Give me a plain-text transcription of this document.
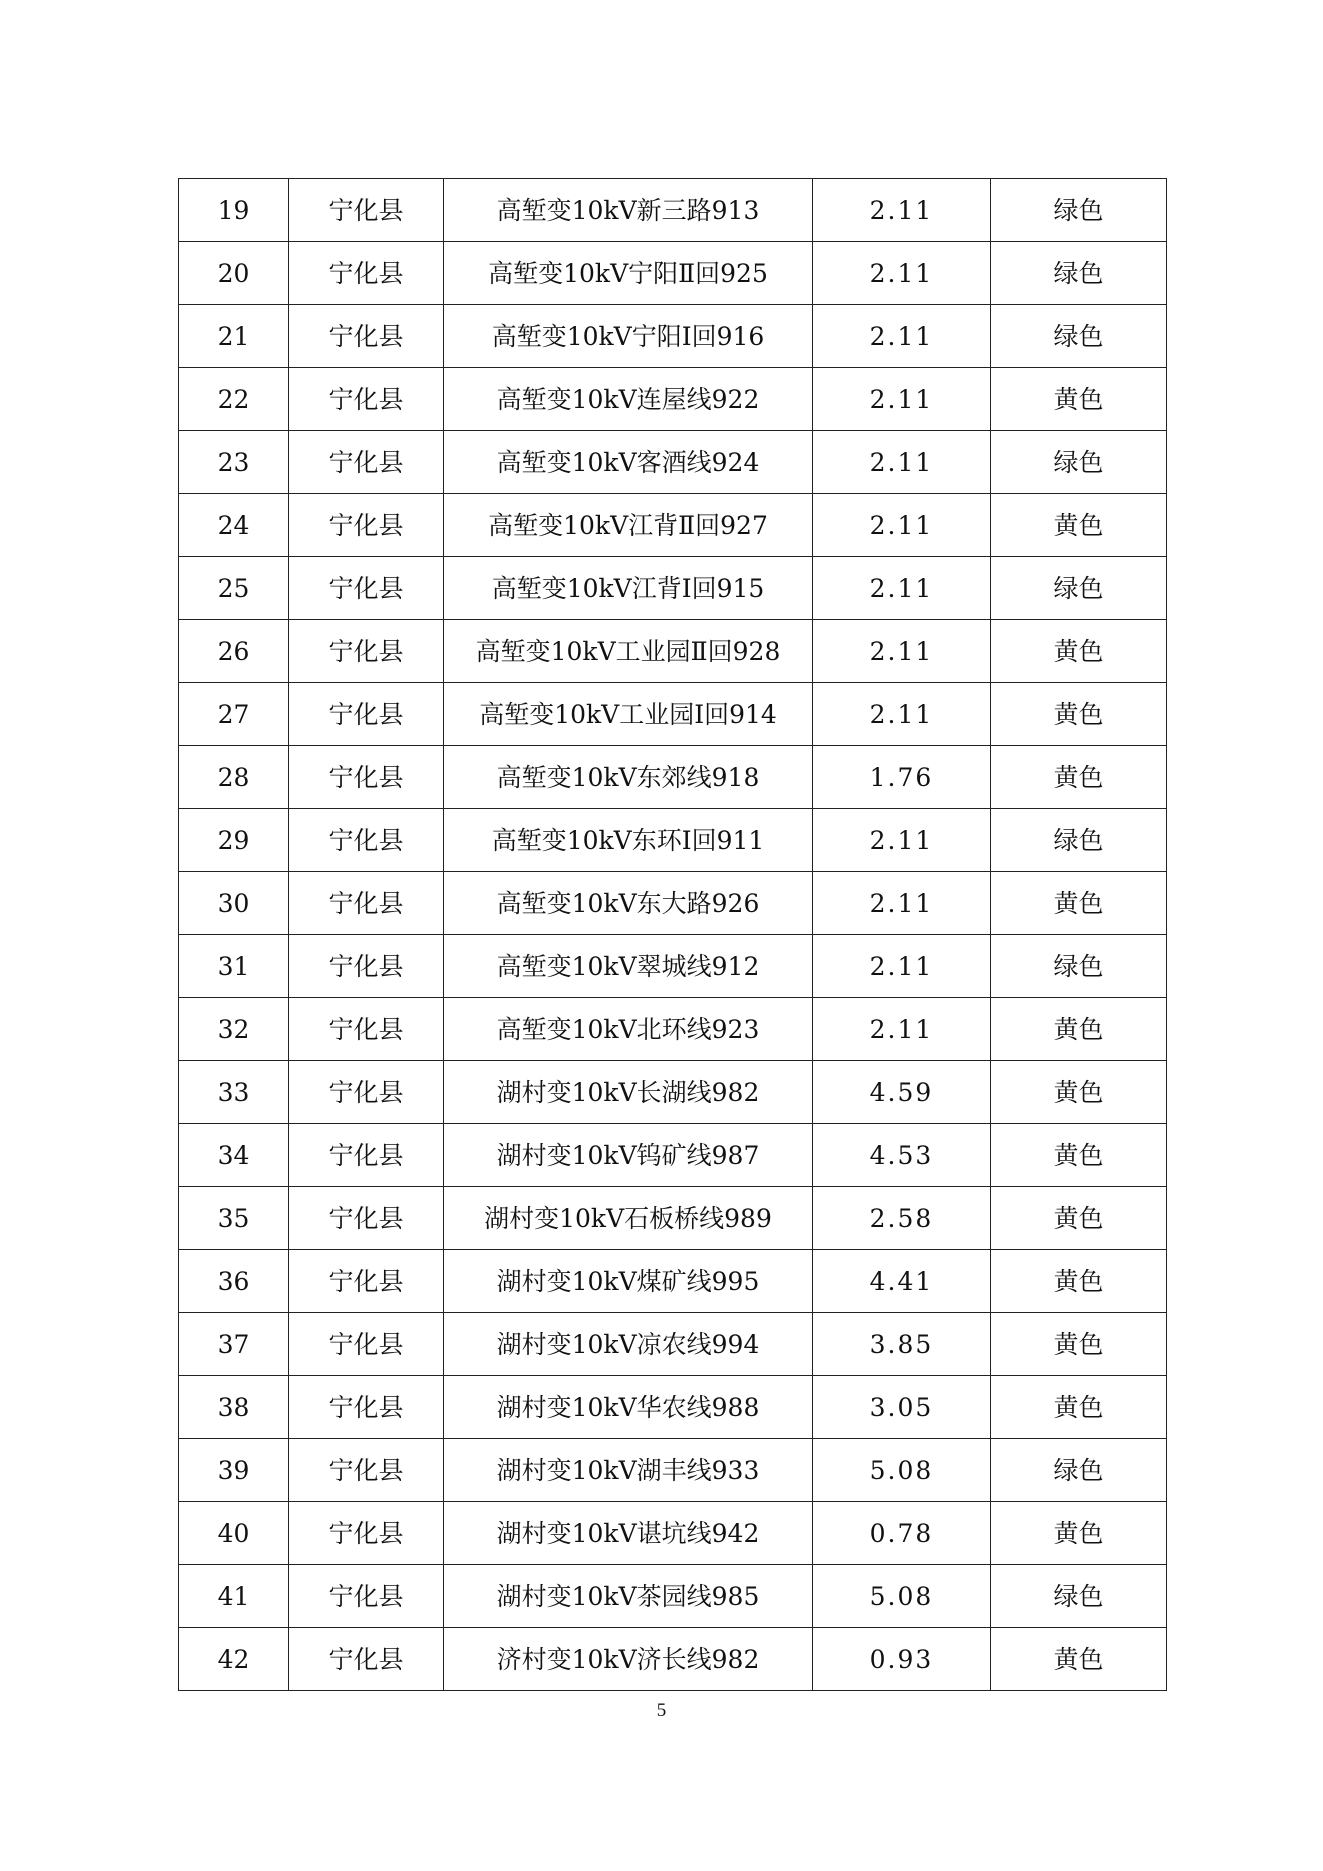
19	宁化县	高堑变10kV新三路913	2.11	绿色
20	宁化县	高堑变10kV宁阳Ⅱ回925	2.11	绿色
21	宁化县	高堑变10kV宁阳Ⅰ回916	2.11	绿色
22	宁化县	高堑变10kV连屋线922	2.11	黄色
23	宁化县	高堑变10kV客酒线924	2.11	绿色
24	宁化县	高堑变10kV江背Ⅱ回927	2.11	黄色
25	宁化县	高堑变10kV江背Ⅰ回915	2.11	绿色
26	宁化县	高堑变10kV工业园Ⅱ回928	2.11	黄色
27	宁化县	高堑变10kV工业园Ⅰ回914	2.11	黄色
28	宁化县	高堑变10kV东郊线918	1.76	黄色
29	宁化县	高堑变10kV东环Ⅰ回911	2.11	绿色
30	宁化县	高堑变10kV东大路926	2.11	黄色
31	宁化县	高堑变10kV翠城线912	2.11	绿色
32	宁化县	高堑变10kV北环线923	2.11	黄色
33	宁化县	湖村变10kV长湖线982	4.59	黄色
34	宁化县	湖村变10kV钨矿线987	4.53	黄色
35	宁化县	湖村变10kV石板桥线989	2.58	黄色
36	宁化县	湖村变10kV煤矿线995	4.41	黄色
37	宁化县	湖村变10kV凉农线994	3.85	黄色
38	宁化县	湖村变10kV华农线988	3.05	黄色
39	宁化县	湖村变10kV湖丰线933	5.08	绿色
40	宁化县	湖村变10kV谌坑线942	0.78	黄色
41	宁化县	湖村变10kV茶园线985	5.08	绿色
42	宁化县	济村变10kV济长线982	0.93	黄色
5
